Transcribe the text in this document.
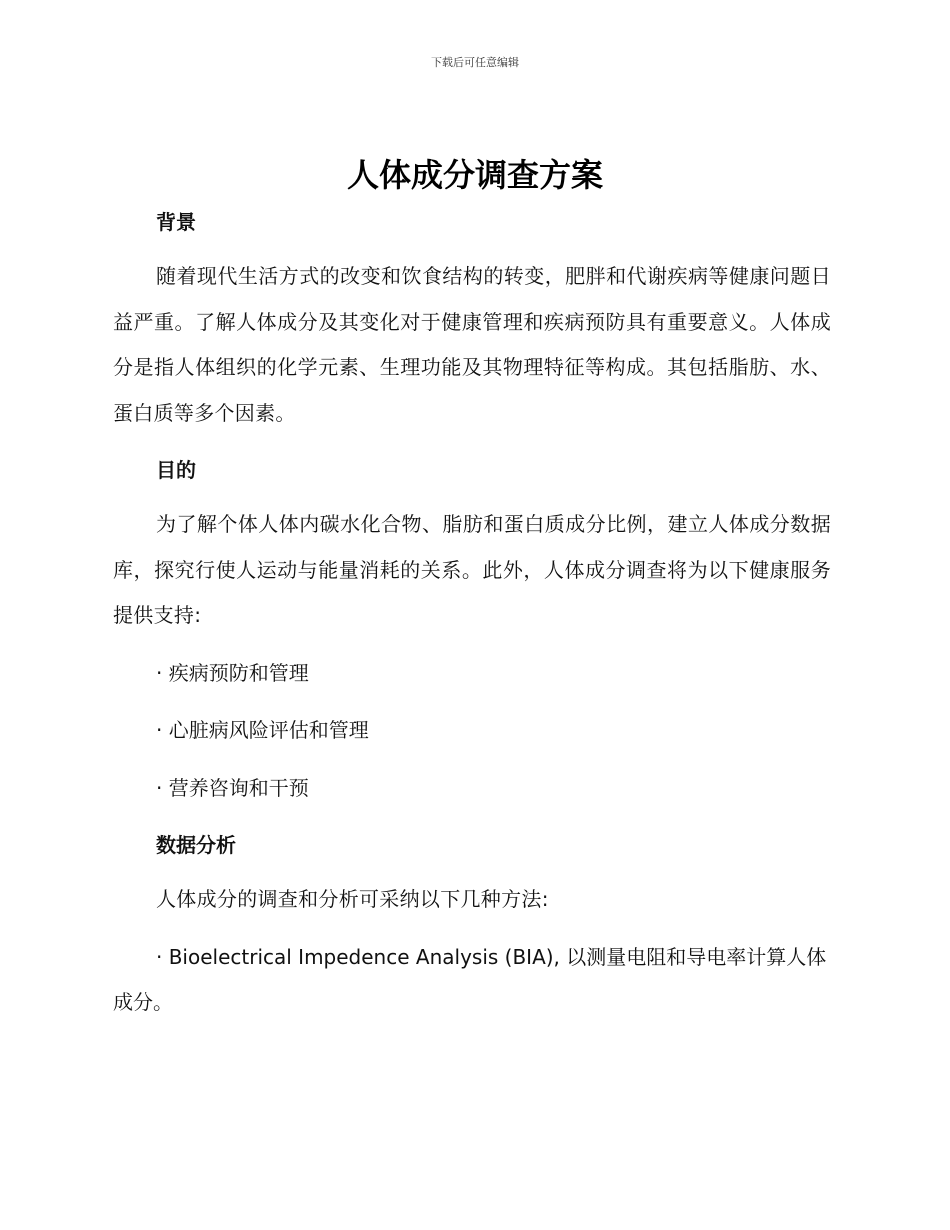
下载后可任意编辑
人体成分调查方案
背景

随着现代生活方式的改变和饮食结构的转变，肥胖和代谢疾病等健康问题日益严重。了解人体成分及其变化对于健康管理和疾病预防具有重要意义。人体成分是指人体组织的化学元素、生理功能及其物理特征等构成。其包括脂肪、水、蛋白质等多个因素。

目的

为了解个体人体内碳水化合物、脂肪和蛋白质成分比例，建立人体成分数据库，探究行使人运动与能量消耗的关系。此外，人体成分调查将为以下健康服务提供支持:

· 疾病预防和管理

· 心脏病风险评估和管理

· 营养咨询和干预

数据分析

人体成分的调查和分析可采纳以下几种方法:

· Bioelectrical Impedence Analysis (BIA), 以测量电阻和导电率计算人体成分。
